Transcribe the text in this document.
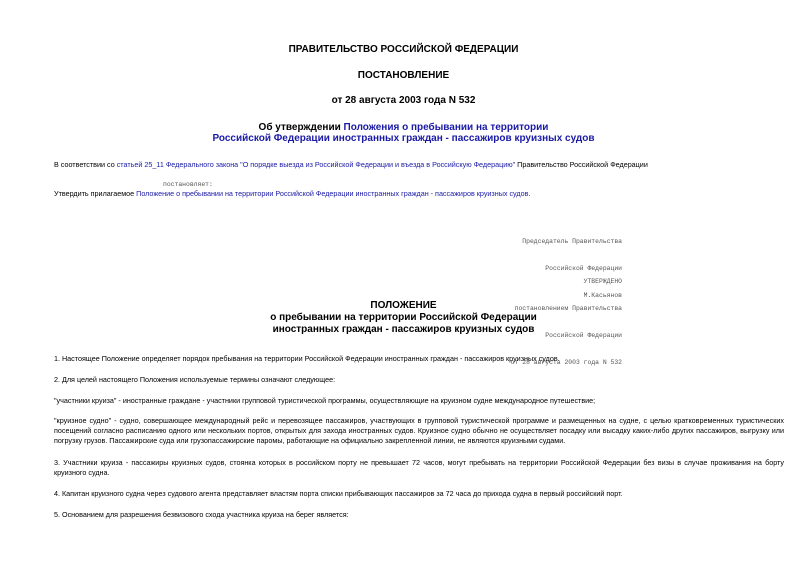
ПРАВИТЕЛЬСТВО РОССИЙСКОЙ ФЕДЕРАЦИИ
ПОСТАНОВЛЕНИЕ
от 28 августа 2003 года N 532
Об утверждении Положения о пребывании на территории
Российской Федерации иностранных граждан - пассажиров круизных судов
В соответствии со статьей 25_11 Федерального закона "О порядке выезда из Российской Федерации и въезда в Российскую Федерацию" Правительство Российской Федерации
постановляет:
Утвердить прилагаемое Положение о пребывании на территории Российской Федерации иностранных граждан - пассажиров круизных судов.

Председатель Правительства

Российской Федерации

М.Касьянов

УТВЕРЖДЕНО

постановлением Правительства

Российской Федерации

от 28 августа 2003 года N 532

ПОЛОЖЕНИЕ
о пребывании на территории Российской Федерации
иностранных граждан - пассажиров круизных судов
1. Настоящее Положение определяет порядок пребывания на территории Российской Федерации иностранных граждан - пассажиров круизных судов.
2. Для целей настоящего Положения используемые термины означают следующее:
"участники круиза" - иностранные граждане - участники групповой туристической программы, осуществляющие на круизном судне международное путешествие;
"круизное судно" - судно, совершающее международный рейс и перевозящее пассажиров, участвующих в групповой туристической программе и размещенных на судне, с целью кратковременных туристических посещений согласно расписанию одного или нескольких портов, открытых для захода иностранных судов. Круизное судно обычно не осуществляет посадку или высадку каких-либо других пассажиров, выгрузку или погрузку грузов. Пассажирские суда или грузопассажирские паромы, работающие на официально закрепленной линии, не являются круизными судами.
3. Участники круиза - пассажиры круизных судов, стоянка которых в российском порту не превышает 72 часов, могут пребывать на территории Российской Федерации без визы в случае проживания на борту круизного судна.
4. Капитан круизного судна через судового агента представляет властям порта списки прибывающих пассажиров за 72 часа до прихода судна в первый российский порт.
5. Основанием для разрешения безвизового схода участника круиза на берег является:
